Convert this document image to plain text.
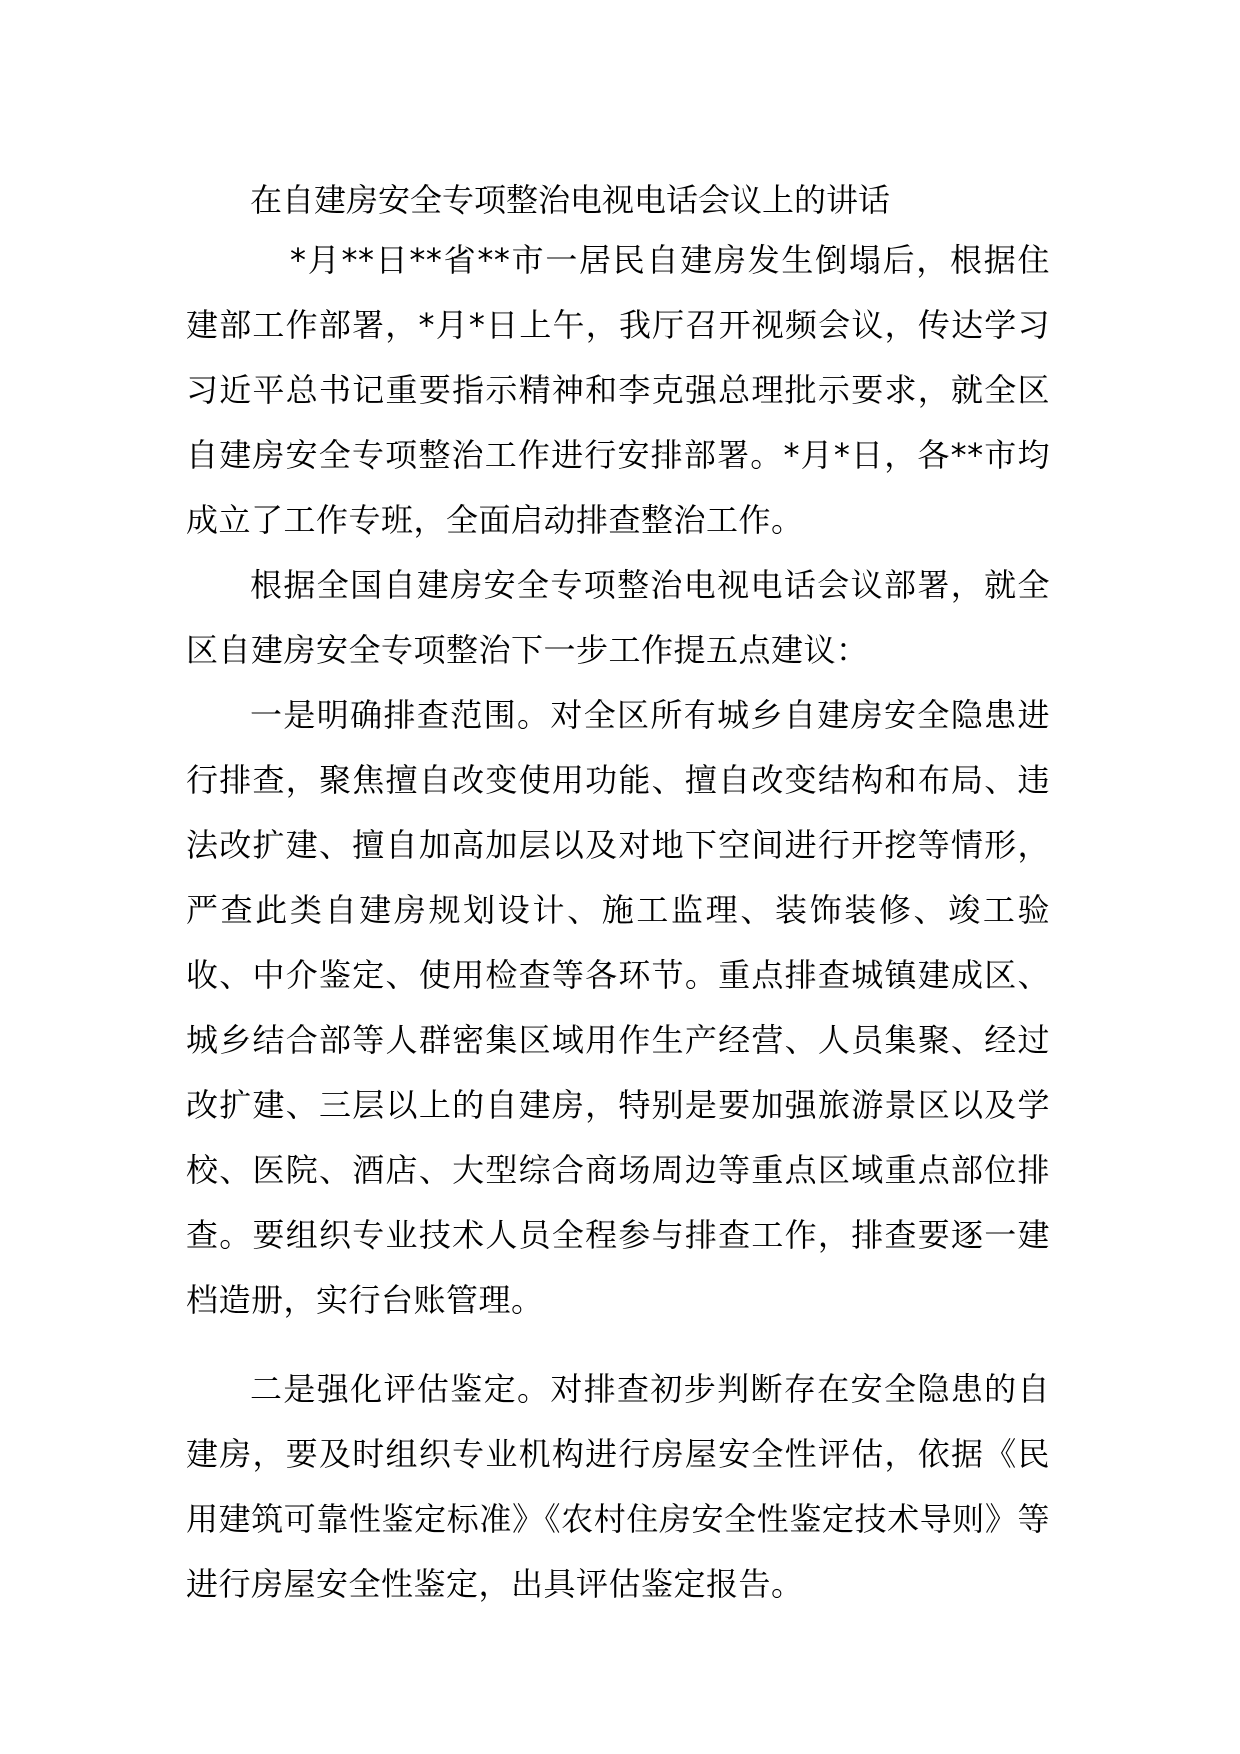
在自建房安全专项整治电视电话会议上的讲话

*月**日**省**市一居民自建房发生倒塌后，根据住建部工作部署，*月*日上午，我厅召开视频会议，传达学习习近平总书记重要指示精神和李克强总理批示要求，就全区自建房安全专项整治工作进行安排部署。*月*日，各**市均成立了工作专班，全面启动排查整治工作。

根据全国自建房安全专项整治电视电话会议部署，就全区自建房安全专项整治下一步工作提五点建议：

一是明确排查范围。对全区所有城乡自建房安全隐患进行排查，聚焦擅自改变使用功能、擅自改变结构和布局、违法改扩建、擅自加高加层以及对地下空间进行开挖等情形，严查此类自建房规划设计、施工监理、装饰装修、竣工验收、中介鉴定、使用检查等各环节。重点排查城镇建成区、城乡结合部等人群密集区域用作生产经营、人员集聚、经过改扩建、三层以上的自建房，特别是要加强旅游景区以及学校、医院、酒店、大型综合商场周边等重点区域重点部位排查。要组织专业技术人员全程参与排查工作，排查要逐一建档造册，实行台账管理。

二是强化评估鉴定。对排查初步判断存在安全隐患的自建房，要及时组织专业机构进行房屋安全性评估，依据《民用建筑可靠性鉴定标准》《农村住房安全性鉴定技术导则》等进行房屋安全性鉴定，出具评估鉴定报告。
